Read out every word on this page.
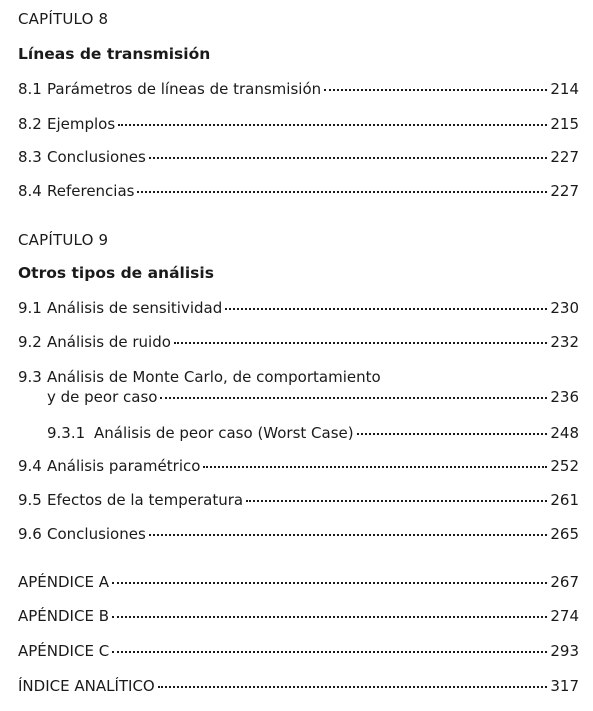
CAPÍTULO 8
Líneas de transmisión
8.1 Parámetros de líneas de transmisión	214
8.2 Ejemplos	215
8.3 Conclusiones	227
8.4 Referencias	227
CAPÍTULO 9
Otros tipos de análisis
9.1 Análisis de sensitividad	230
9.2 Análisis de ruido	232
9.3 Análisis de Monte Carlo, de comportamiento
y de peor caso	236
9.3.1 Análisis de peor caso (Worst Case)	248
9.4 Análisis paramétrico	252
9.5 Efectos de la temperatura	261
9.6 Conclusiones	265
APÉNDICE A	267
APÉNDICE B	274
APÉNDICE C	293
ÍNDICE ANALÍTICO	317
